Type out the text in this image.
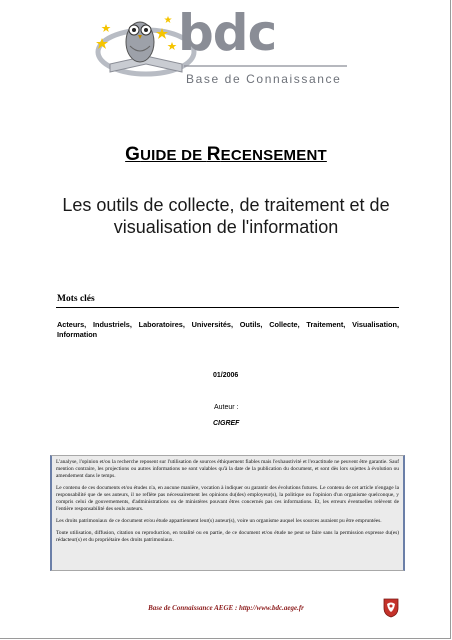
bdc
Base de Connaissance
GUIDE DE RECENSEMENT
Les outils de collecte, de traitement et de visualisation de l'information
Mots clés
Acteurs, Industriels, Laboratoires, Universités, Outils, Collecte, Traitement, Visualisation, Information
01/2006
Auteur :
CIGREF

L'analyse, l'opinion et/ou la recherche reposent sur l'utilisation de sources éthiquement fiables mais l'exhaustivité et l'exactitude ne peuvent être garantie. Sauf mention contraire, les projections ou autres informations ne sont valables qu'à la date de la publication du document, et sont dès lors sujettes à évolution ou amendement dans le temps.

Le contenu de ces documents et/ou études n'a, en aucune manière, vocation à indiquer ou garantir des évolutions futures. Le contenu de cet article n'engage la responsabilité que de ses auteurs, il ne reflète pas nécessairement les opinions du(des) employeur(s), la politique ou l'opinion d'un organisme quelconque, y compris celui de gouvernements, d'administrations ou de ministères pouvant êtres concernés pas ces informations. Et, les erreurs éventuelles relèvent de l'entière responsabilité des seuls auteurs.

Les droits patrimoniaux de ce document et/ou étude appartiennent leur(s) auteur(s), voire un organisme auquel les sources auraient pu être empruntées.

Toute utilisation, diffusion, citation ou reproduction, en totalité ou en partie, de ce document et/ou étude ne peut se faire sans la permission expresse du(es) rédacteur(s) et du propriétaire des droits patrimoniaux.

Base de Connaissance AEGE : http://www.bdc.aege.fr
